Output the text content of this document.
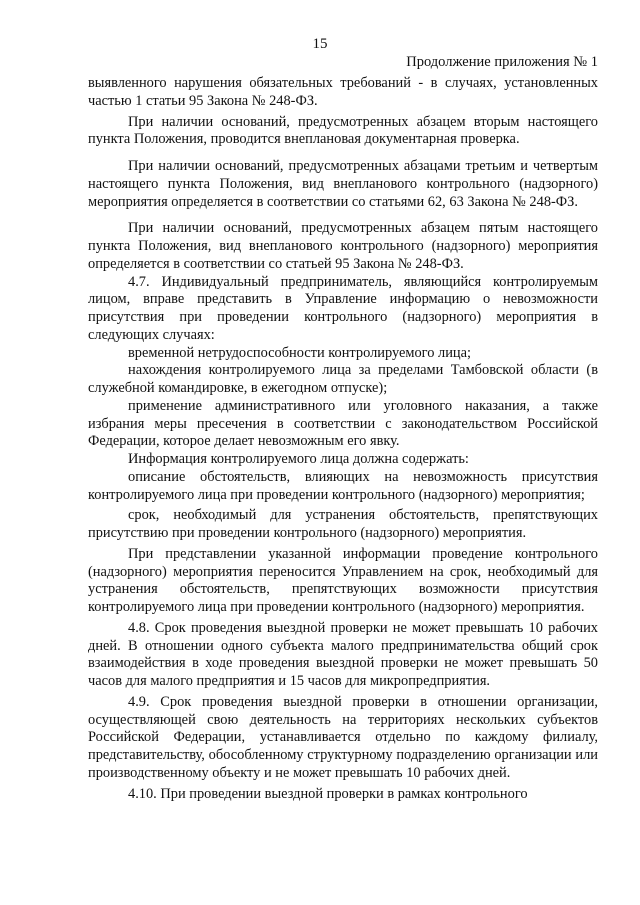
15
Продолжение приложения № 1

выявленного нарушения обязательных требований - в случаях, установленных частью 1 статьи 95 Закона № 248-ФЗ.

При наличии оснований, предусмотренных абзацем вторым настоящего пункта Положения, проводится внеплановая документарная проверка.

При наличии оснований, предусмотренных абзацами третьим и четвертым настоящего пункта Положения, вид внепланового контрольного (надзорного) мероприятия определяется в соответствии со статьями 62, 63 Закона № 248-ФЗ.

При наличии оснований, предусмотренных абзацем пятым настоящего пункта Положения, вид внепланового контрольного (надзорного) мероприятия определяется в соответствии со статьей 95 Закона № 248-ФЗ.

4.7. Индивидуальный предприниматель, являющийся контролируемым лицом, вправе представить в Управление информацию о невозможности присутствия при проведении контрольного (надзорного) мероприятия в следующих случаях:

временной нетрудоспособности контролируемого лица;

нахождения контролируемого лица за пределами Тамбовской области (в служебной командировке, в ежегодном отпуске);

применение административного или уголовного наказания, а также избрания меры пресечения в соответствии с законодательством Российской Федерации, которое делает невозможным его явку.

Информация контролируемого лица должна содержать:

описание обстоятельств, влияющих на невозможность присутствия контролируемого лица при проведении контрольного (надзорного) мероприятия;

срок, необходимый для устранения обстоятельств, препятствующих присутствию при проведении контрольного (надзорного) мероприятия.

При представлении указанной информации проведение контрольного (надзорного) мероприятия переносится Управлением на срок, необходимый для устранения обстоятельств, препятствующих возможности присутствия контролируемого лица при проведении контрольного (надзорного) мероприятия.

4.8. Срок проведения выездной проверки не может превышать 10 рабочих дней. В отношении одного субъекта малого предпринимательства общий срок взаимодействия в ходе проведения выездной проверки не может превышать 50 часов для малого предприятия и 15 часов для микропредприятия.

4.9. Срок проведения выездной проверки в отношении организации, осуществляющей свою деятельность на территориях нескольких субъектов Российской Федерации, устанавливается отдельно по каждому филиалу, представительству, обособленному структурному подразделению организации или производственному объекту и не может превышать 10 рабочих дней.

4.10. При проведении выездной проверки в рамках контрольного
